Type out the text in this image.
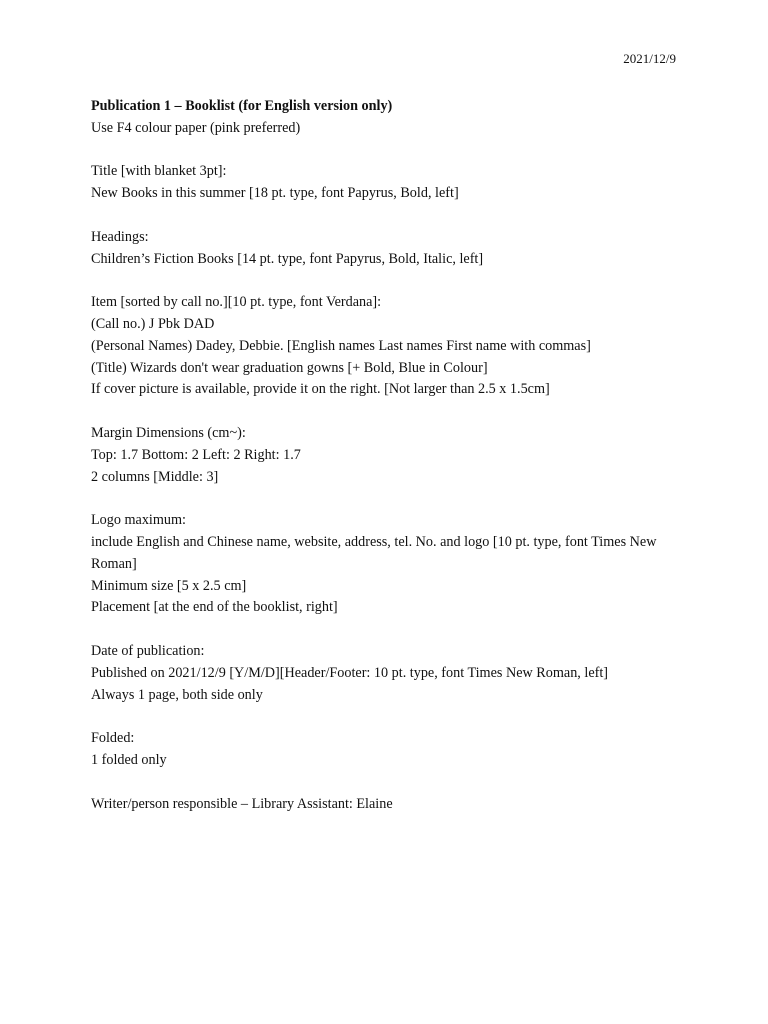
2021/12/9
Publication 1 – Booklist (for English version only)
Use F4 colour paper (pink preferred)
Title [with blanket 3pt]:
New Books in this summer [18 pt. type, font Papyrus, Bold, left]
Headings:
Children’s Fiction Books [14 pt. type, font Papyrus, Bold, Italic, left]
Item [sorted by call no.][10 pt. type, font Verdana]:
(Call no.) J Pbk DAD
(Personal Names) Dadey, Debbie. [English names Last names First name with commas]
(Title) Wizards don't wear graduation gowns [+ Bold, Blue in Colour]
If cover picture is available, provide it on the right. [Not larger than 2.5 x 1.5cm]
Margin Dimensions (cm~):
Top: 1.7 Bottom: 2 Left: 2 Right: 1.7
2 columns [Middle: 3]
Logo maximum:
include English and Chinese name, website, address, tel. No. and logo [10 pt. type, font Times New Roman]
Minimum size [5 x 2.5 cm]
Placement [at the end of the booklist, right]
Date of publication:
Published on 2021/12/9 [Y/M/D][Header/Footer: 10 pt. type, font Times New Roman, left]
Always 1 page, both side only
Folded:
1 folded only
Writer/person responsible – Library Assistant: Elaine
